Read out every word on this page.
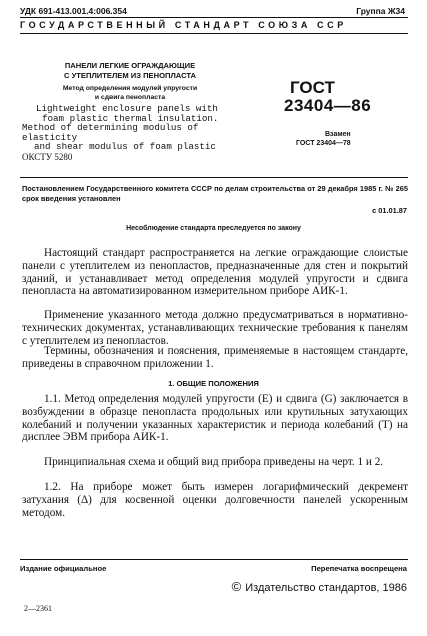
УДК 691-413.001.4:006.354	Группа Ж34
ГОСУДАРСТВЕННЫЙ СТАНДАРТ СОЮЗА ССР
ПАНЕЛИ ЛЕГКИЕ ОГРАЖДАЮЩИЕ
С УТЕПЛИТЕЛЕМ ИЗ ПЕНОПЛАСТА
Метод определения модулей упругости
и сдвига пенопласта
Lightweight enclosure panels with
foam plastic thermal insulation.
Method of determining modulus of elasticity
and shear modulus of foam plastic
ОКСТУ 5280
ГОСТ
23404—86
Взамен
ГОСТ 23404—78
Постановлением Государственного комитета СССР по делам строительства от 29 декабря 1985 г. № 265 срок введения установлен
с 01.01.87
Несоблюдение стандарта преследуется по закону

Настоящий стандарт распространяется на легкие ограждающие слоистые панели с утеплителем из пенопластов, предназначенные для стен и покрытий зданий, и устанавливает метод определения модулей упругости и сдвига пенопласта на автоматизированном измерительном приборе АИК-1.

Применение указанного метода должно предусматриваться в нормативно-технических документах, устанавливающих технические требования к панелям с утеплителем из пенопластов.

Термины, обозначения и пояснения, применяемые в настоящем стандарте, приведены в справочном приложении 1.

1. ОБЩИЕ ПОЛОЖЕНИЯ

1.1. Метод определения модулей упругости (E) и сдвига (G) заключается в возбуждении в образце пенопласта продольных или крутильных затухающих колебаний и получении указанных характеристик и периода колебаний (T) на дисплее ЭВМ прибора АИК-1.

Принципиальная схема и общий вид прибора приведены на черт. 1 и 2.

1.2. На приборе может быть измерен логарифмический декремент затухания (Δ) для косвенной оценки долговечности панелей ускоренным методом.

Издание официальное	Перепечатка воспрещена
© Издательство стандартов, 1986
2—2361
